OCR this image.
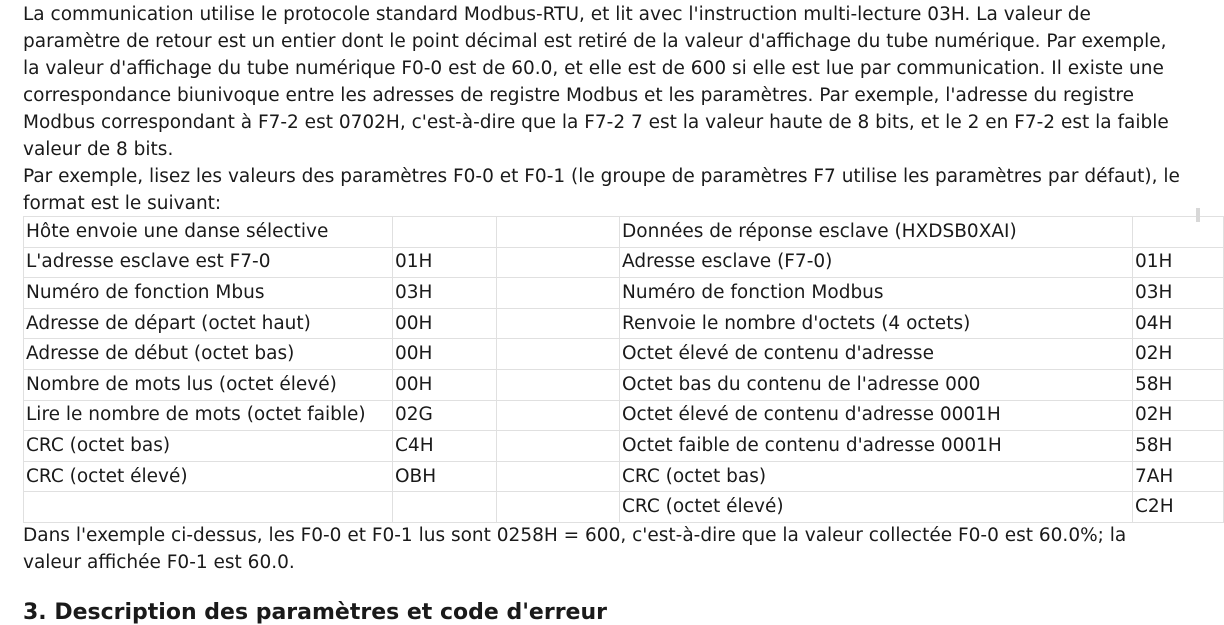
La communication utilise le protocole standard Modbus-RTU, et lit avec l'instruction multi-lecture 03H. La valeur de paramètre de retour est un entier dont le point décimal est retiré de la valeur d'affichage du tube numérique. Par exemple, la valeur d'affichage du tube numérique F0-0 est de 60.0, et elle est de 600 si elle est lue par communication. Il existe une correspondance biunivoque entre les adresses de registre Modbus et les paramètres. Par exemple, l'adresse du registre Modbus correspondant à F7-2 est 0702H, c'est-à-dire que la F7-2 7 est la valeur haute de 8 bits, et le 2 en F7-2 est la faible valeur de 8 bits.

Par exemple, lisez les valeurs des paramètres F0-0 et F0-1 (le groupe de paramètres F7 utilise les paramètres par défaut), le format est le suivant:

Hôte envoie une danse sélective			Données de réponse esclave (HXDSB0XAI)	
L'adresse esclave est F7-0	01H		Adresse esclave (F7-0)	01H
Numéro de fonction Mbus	03H		Numéro de fonction Modbus	03H
Adresse de départ (octet haut)	00H		Renvoie le nombre d'octets (4 octets)	04H
Adresse de début (octet bas)	00H		Octet élevé de contenu d'adresse	02H
Nombre de mots lus (octet élevé)	00H		Octet bas du contenu de l'adresse 000	58H
Lire le nombre de mots (octet faible)	02G		Octet élevé de contenu d'adresse 0001H	02H
CRC (octet bas)	C4H		Octet faible de contenu d'adresse 0001H	58H
CRC (octet élevé)	OBH		CRC (octet bas)	7AH
			CRC (octet élevé)	C2H

Dans l'exemple ci-dessus, les F0-0 et F0-1 lus sont 0258H = 600, c'est-à-dire que la valeur collectée F0-0 est 60.0%; la valeur affichée F0-1 est 60.0.

3. Description des paramètres et code d'erreur
